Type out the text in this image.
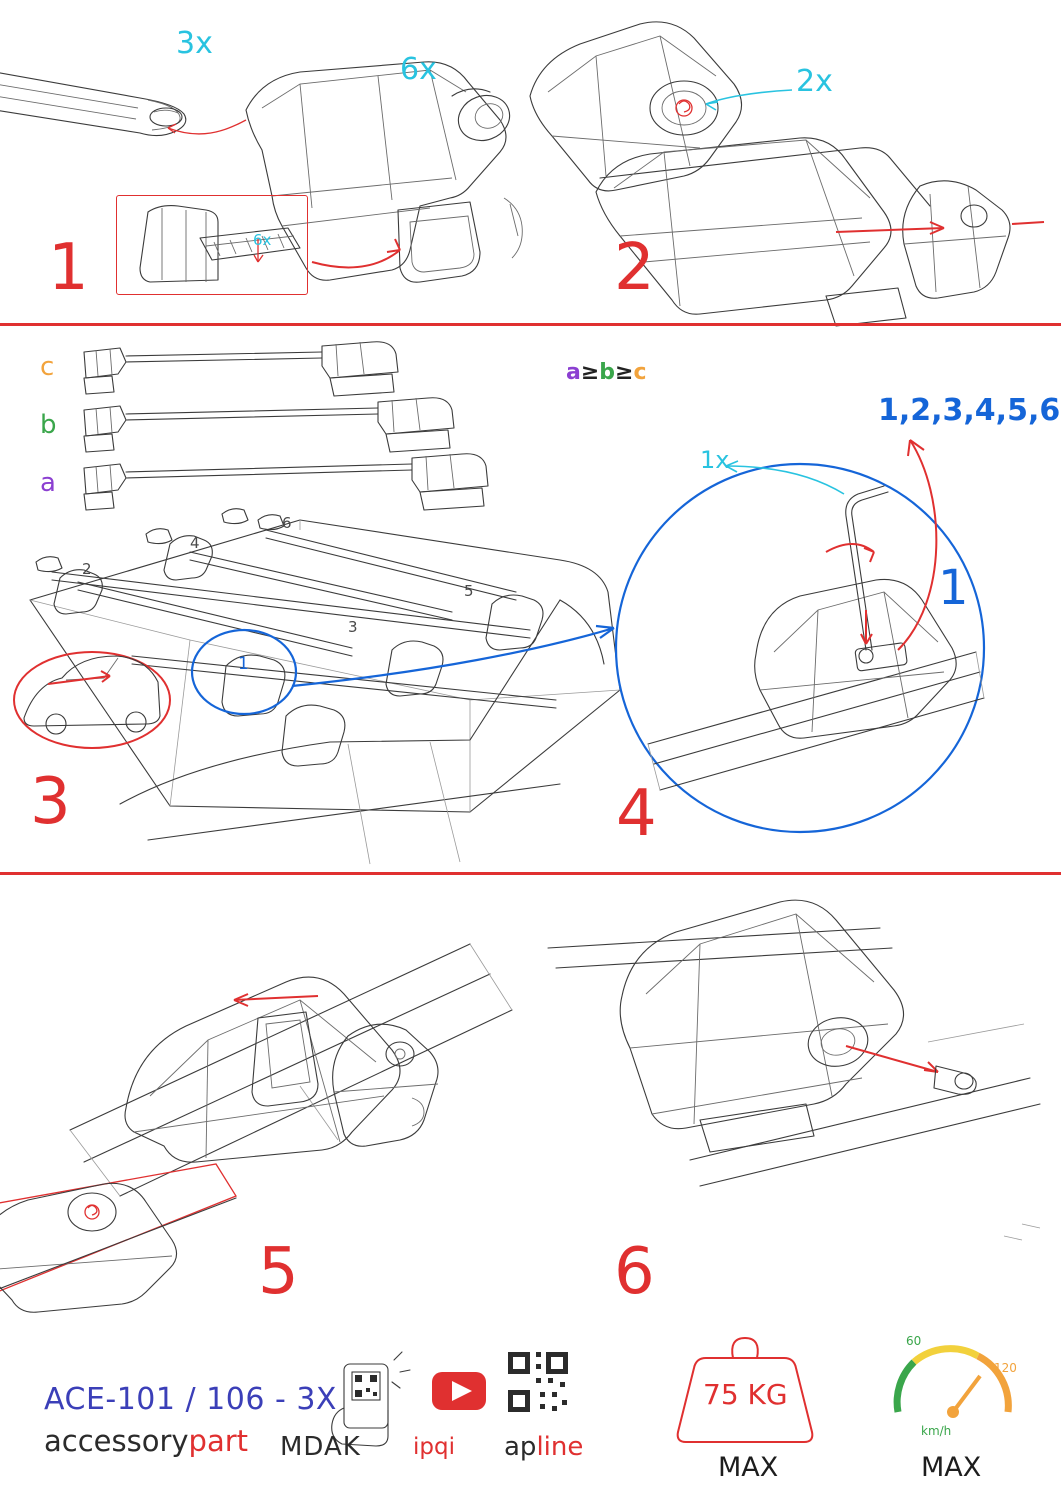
6x
3x
6x	2x
1x
1	2
3	4
5	6
c
b
a
a≥b≥c
1,2,3,4,5,6
1
1
2
3
4
5
6
ACE-101 / 106 - 3X
accessorypart MDAK ipqi apline
75 KG
MAX	MAX
km/h
60
120
